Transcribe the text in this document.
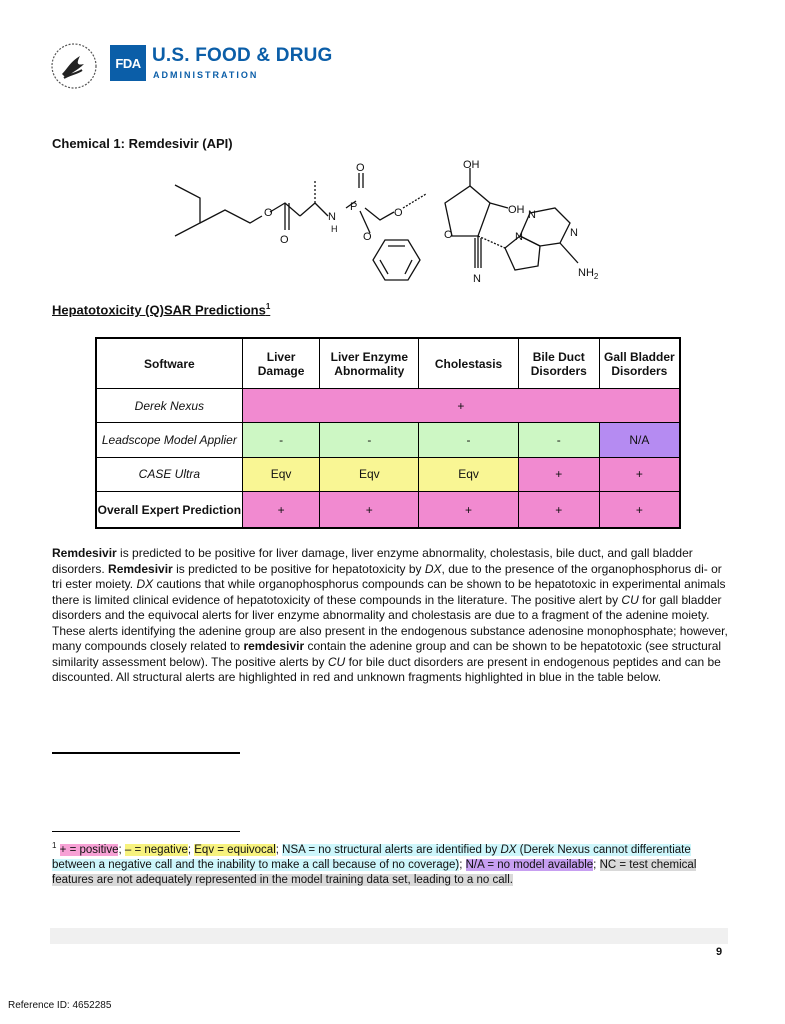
FDA U.S. FOOD & DRUG
ADMINISTRATION
Chemical 1: Remdesivir (API)
O
O
N
H
P
O
O
O
OH
OH N
N
N
O
N	$NH_2$
Hepatotoxicity (Q)SAR Predictions$^1$
Software	Liver Damage	Liver Enzyme Abnormality	Cholestasis	Bile Duct Disorders	Gall Bladder Disorders
Derek Nexus	+				
Leadscope Model Applier	-	-	-	-	N/A
CASE Ultra	Eqv	Eqv	Eqv	+	+
Overall Expert Prediction	+	+	+	+	+
Remdesivir is predicted to be positive for liver damage, liver enzyme abnormality, cholestasis, bile duct, and gall bladder disorders. Remdesivir is predicted to be positive for hepatotoxicity by DX, due to the presence of the organophosphorus di- or tri ester moiety. DX cautions that while organophosphorus compounds can be shown to be hepatotoxic in experimental animals there is limited clinical evidence of hepatotoxicity of these compounds in the literature. The positive alert by CU for gall bladder disorders and the equivocal alerts for liver enzyme abnormality and cholestasis are due to a fragment of the adenine moiety. These alerts identifying the adenine group are also present in the endogenous substance adenosine monophosphate; however, many compounds closely related to remdesivir contain the adenine group and can be shown to be hepatotoxic (see structural similarity assessment below). The positive alerts by CU for bile duct disorders are present in endogenous peptides and can be discounted. All structural alerts are highlighted in red and unknown fragments highlighted in blue in the table below.
$^1$ + = positive; – = negative; Eqv = equivocal; NSA = no structural alerts are identified by DX (Derek Nexus cannot differentiate between a negative call and the inability to make a call because of no coverage); N/A = no model available; NC = test chemical features are not adequately represented in the model training data set, leading to a no call.
9
Reference ID: 4652285
